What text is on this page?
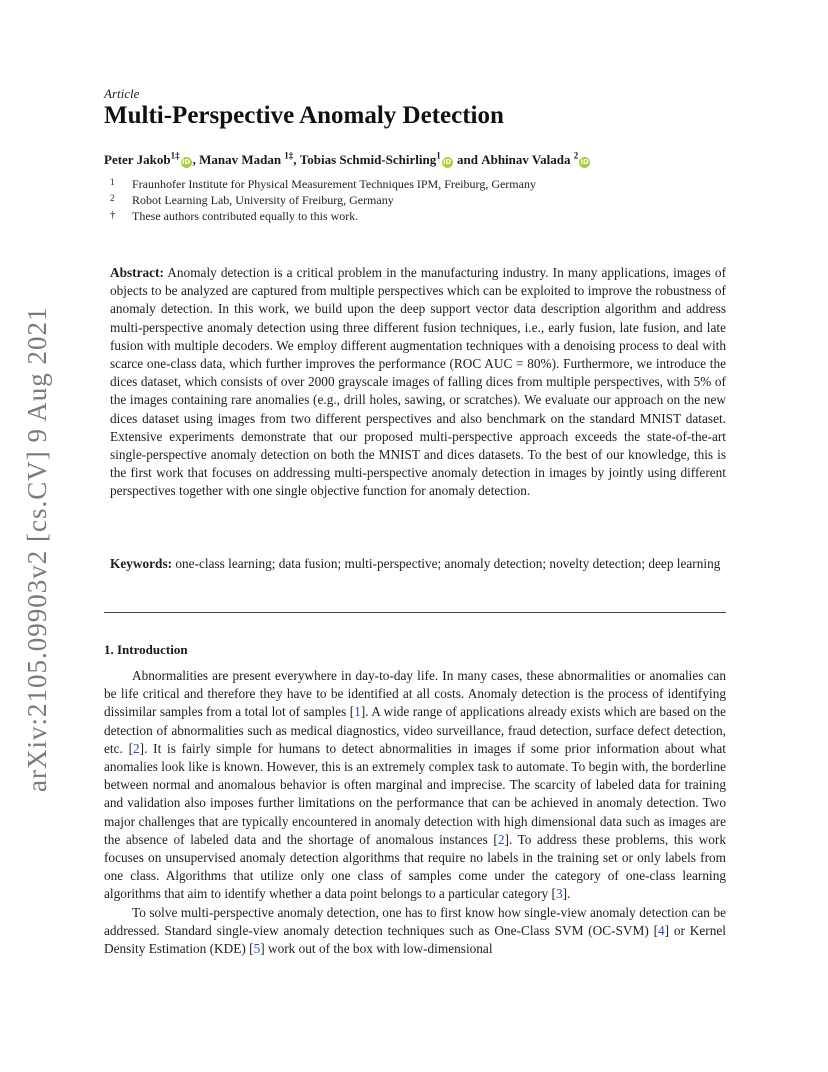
arXiv:2105.09903v2 [cs.CV] 9 Aug 2021
Article
Multi-Perspective Anomaly Detection
Peter Jakob$^{1\ddagger}$
iD , Manav Madan $^{1\ddagger}$ , Tobias Schmid-Schirling$^1$
iD and Abhinav Valada $^2$
iD
1	Fraunhofer Institute for Physical Measurement Techniques IPM, Freiburg, Germany
2	Robot Learning Lab, University of Freiburg, Germany
†	These authors contributed equally to this work.
Abstract: Anomaly detection is a critical problem in the manufacturing industry. In many applications, images of objects to be analyzed are captured from multiple perspectives which can be exploited to improve the robustness of anomaly detection. In this work, we build upon the deep support vector data description algorithm and address multi-perspective anomaly detection using three different fusion techniques, i.e., early fusion, late fusion, and late fusion with multiple decoders. We employ different augmentation techniques with a denoising process to deal with scarce one-class data, which further improves the performance (ROC AUC = 80%). Furthermore, we introduce the dices dataset, which consists of over 2000 grayscale images of falling dices from multiple perspectives, with 5% of the images containing rare anomalies (e.g., drill holes, sawing, or scratches). We evaluate our approach on the new dices dataset using images from two different perspectives and also benchmark on the standard MNIST dataset. Extensive experiments demonstrate that our proposed multi-perspective approach exceeds the state-of-the-art single-perspective anomaly detection on both the MNIST and dices datasets. To the best of our knowledge, this is the first work that focuses on addressing multi-perspective anomaly detection in images by jointly using different perspectives together with one single objective function for anomaly detection.
Keywords: one-class learning; data fusion; multi-perspective; anomaly detection; novelty detection; deep learning
1. Introduction

Abnormalities are present everywhere in day-to-day life. In many cases, these abnormalities or anomalies can be life critical and therefore they have to be identified at all costs. Anomaly detection is the process of identifying dissimilar samples from a total lot of samples [1]. A wide range of applications already exists which are based on the detection of abnormalities such as medical diagnostics, video surveillance, fraud detection, surface defect detection, etc. [2]. It is fairly simple for humans to detect abnormalities in images if some prior information about what anomalies look like is known. However, this is an extremely complex task to automate. To begin with, the borderline between normal and anomalous behavior is often marginal and imprecise. The scarcity of labeled data for training and validation also imposes further limitations on the performance that can be achieved in anomaly detection. Two major challenges that are typically encountered in anomaly detection with high dimensional data such as images are the absence of labeled data and the shortage of anomalous instances [2]. To address these problems, this work focuses on unsupervised anomaly detection algorithms that require no labels in the training set or only labels from one class. Algorithms that utilize only one class of samples come under the category of one-class learning algorithms that aim to identify whether a data point belongs to a particular category [3].

To solve multi-perspective anomaly detection, one has to first know how single-view anomaly detection can be addressed. Standard single-view anomaly detection techniques such as One-Class SVM (OC-SVM) [4] or Kernel Density Estimation (KDE) [5] work out of the box with low-dimensional
